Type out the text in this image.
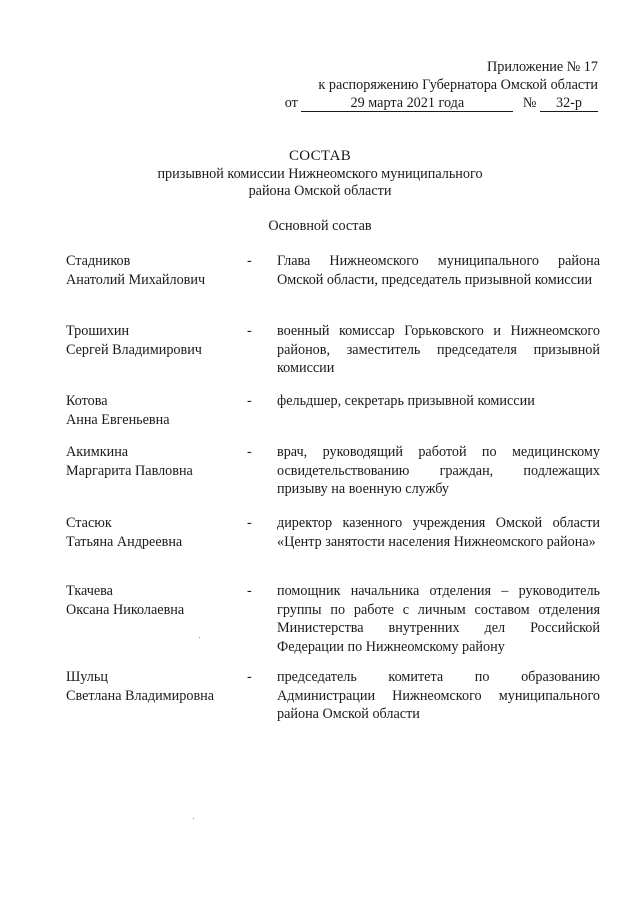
Приложение № 17
к распоряжению Губернатора Омской области
от	29 марта 2021 года	№ 32-р
СОСТАВ
призывной комиссии Нижнеомского муниципального
района Омской области
Основной состав
Стадников
Анатолий Михайлович
- Глава Нижнеомского муниципального района Омской области, председатель призывной комиссии
Трошихин
Сергей Владимирович
- военный комиссар Горьковского и Нижнеомского районов, заместитель председателя призывной комиссии
Котова
Анна Евгеньевна
- фельдшер, секретарь призывной комиссии
Акимкина
Маргарита Павловна
- врач, руководящий работой по медицинскому освидетельствованию граждан, подлежащих призыву на военную службу
Стасюк
Татьяна Андреевна
- директор казенного учреждения Омской области «Центр занятости населения Нижнеомского района»
Ткачева
Оксана Николаевна
- помощник начальника отделения – руководитель группы по работе с личным составом отделения Министерства внутренних дел Российской Федерации по Нижнеомскому району
Шульц
Светлана Владимировна
- председатель комитета по образованию Администрации Нижнеомского муниципального района Омской области
